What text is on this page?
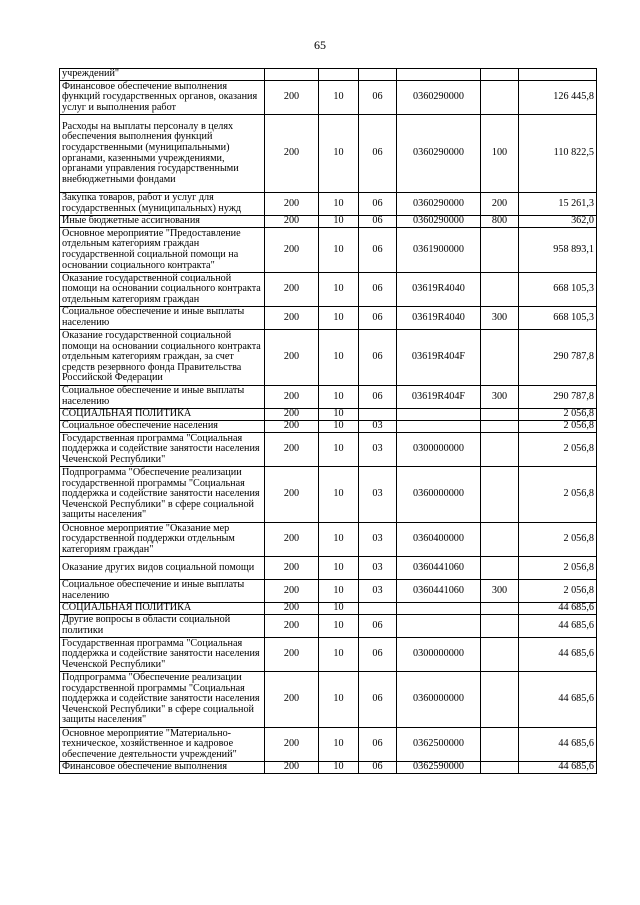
65
учреждений"						
Финансовое обеспечение выполнения функций государственных органов, оказания услуг и выполнения работ	200	10	06	0360290000		126 445,8
Расходы на выплаты персоналу в целях обеспечения выполнения функций государственными (муниципальными) органами, казенными учреждениями, органами управления государственными внебюджетными фондами	200	10	06	0360290000	100	110 822,5
Закупка товаров, работ и услуг для государственных (муниципальных) нужд	200	10	06	0360290000	200	15 261,3
Иные бюджетные ассигнования	200	10	06	0360290000	800	362,0
Основное мероприятие "Предоставление отдельным категориям граждан государственной социальной помощи на основании социального контракта"	200	10	06	0361900000		958 893,1
Оказание государственной социальной помощи на основании социального контракта отдельным категориям граждан	200	10	06	03619R4040		668 105,3
Социальное обеспечение и иные выплаты населению	200	10	06	03619R4040	300	668 105,3
Оказание государственной социальной помощи на основании социального контракта отдельным категориям граждан, за счет средств резервного фонда Правительства Российской Федерации	200	10	06	03619R404F		290 787,8
Социальное обеспечение и иные выплаты населению	200	10	06	03619R404F	300	290 787,8
СОЦИАЛЬНАЯ ПОЛИТИКА	200	10				2 056,8
Социальное обеспечение населения	200	10	03			2 056,8
Государственная программа "Социальная поддержка и содействие занятости населения Чеченской Республики"	200	10	03	0300000000		2 056,8
Подпрограмма "Обеспечение реализации государственной программы "Социальная поддержка и содействие занятости населения Чеченской Республики" в сфере социальной защиты населения"	200	10	03	0360000000		2 056,8
Основное мероприятие "Оказание мер государственной поддержки отдельным категориям граждан"	200	10	03	0360400000		2 056,8
Оказание других видов социальной помощи	200	10	03	0360441060		2 056,8
Социальное обеспечение и иные выплаты населению	200	10	03	0360441060	300	2 056,8
СОЦИАЛЬНАЯ ПОЛИТИКА	200	10				44 685,6
Другие вопросы в области социальной политики	200	10	06			44 685,6
Государственная программа "Социальная поддержка и содействие занятости населения Чеченской Республики"	200	10	06	0300000000		44 685,6
Подпрограмма "Обеспечение реализации государственной программы "Социальная поддержка и содействие занятости населения Чеченской Республики" в сфере социальной защиты населения"	200	10	06	0360000000		44 685,6
Основное мероприятие "Материально-техническое, хозяйственное и кадровое обеспечение деятельности учреждений"	200	10	06	0362500000		44 685,6
Финансовое обеспечение выполнения	200	10	06	0362590000		44 685,6
